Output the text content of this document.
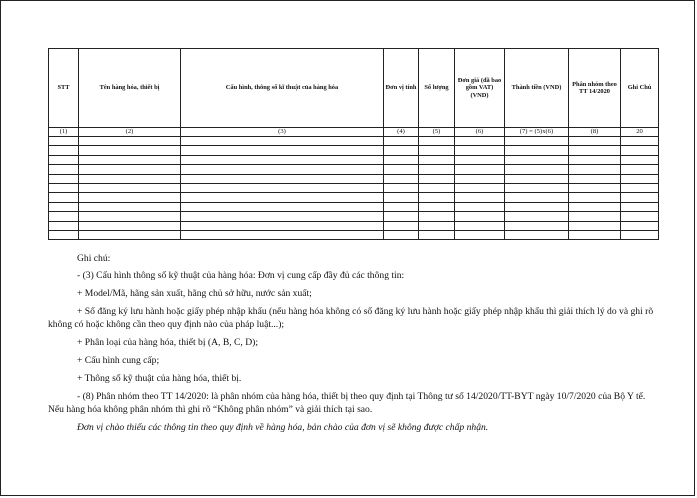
STT	Tên hàng hóa, thiết bị	Cấu hình, thông số kĩ thuật của hàng hóa	Đơn vị tính	Số lượng	Đơn giá (đã bao gồm VAT) (VND)	Thành tiền (VND)	Phân nhóm theo TT 14/2020	Ghi Chú
(1)	(2)	(3)	(4)	(5)	(6)	(7) = (5)x(6)	(8)	20

Ghi chú:

- (3) Cấu hình thông số kỹ thuật của hàng hóa: Đơn vị cung cấp đầy đủ các thông tin:

+ Model/Mã, hãng sản xuất, hãng chủ sở hữu, nước sản xuất;

+ Số đăng ký lưu hành hoặc giấy phép nhập khẩu (nếu hàng hóa không có số đăng ký lưu hành hoặc giấy phép nhập khẩu thì giải thích lý do và ghi rõ không có hoặc không cần theo quy định nào của pháp luật...);

+ Phân loại của hàng hóa, thiết bị (A, B, C, D);

+ Cấu hình cung cấp;

+ Thông số kỹ thuật của hàng hóa, thiết bị.

- (8) Phân nhóm theo TT 14/2020: là phân nhóm của hàng hóa, thiết bị theo quy định tại Thông tư số 14/2020/TT-BYT ngày 10/7/2020 của Bộ Y tế. Nếu hàng hóa không phân nhóm thì ghi rõ “Không phân nhóm” và giải thích tại sao.

Đơn vị chào thiếu các thông tin theo quy định về hàng hóa, bản chào của đơn vị sẽ không được chấp nhận.
